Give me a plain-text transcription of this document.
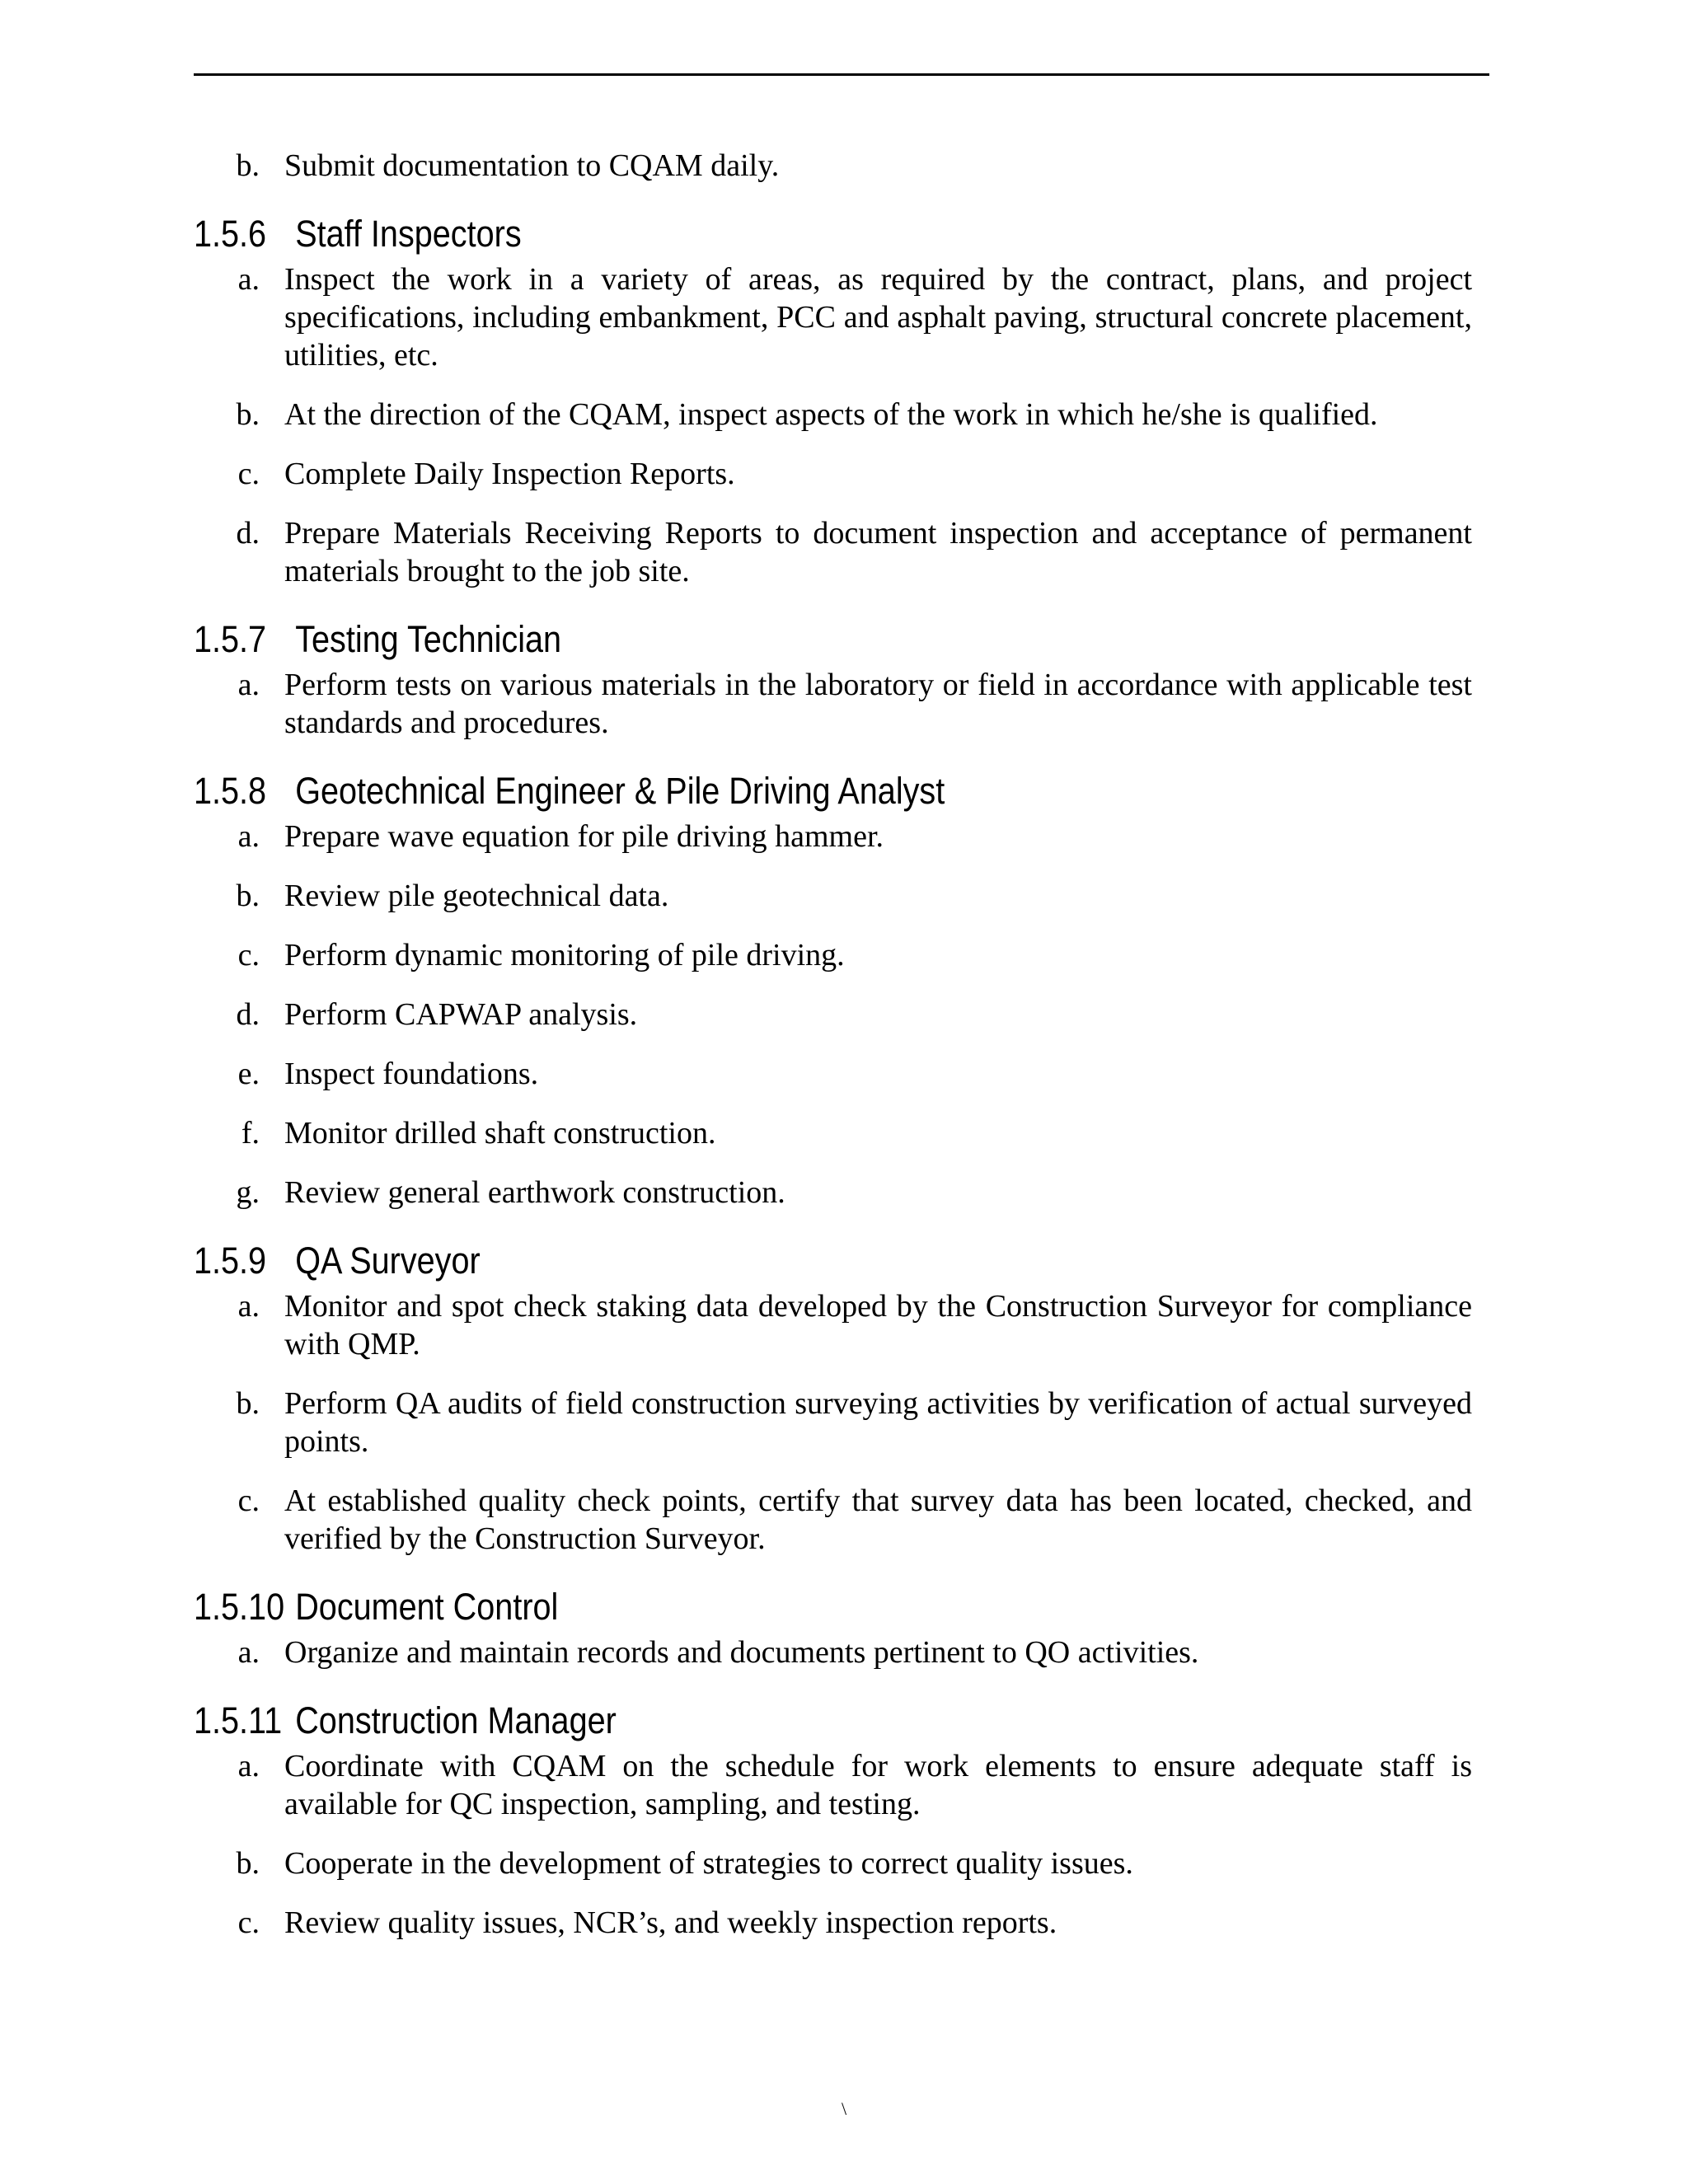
b. Submit documentation to CQAM daily.
1.5.6 Staff Inspectors
a. Inspect the work in a variety of areas, as required by the contract, plans, and project specifications, including embankment, PCC and asphalt paving, structural concrete placement, utilities, etc.
b. At the direction of the CQAM, inspect aspects of the work in which he/she is qualified.
c. Complete Daily Inspection Reports.
d. Prepare Materials Receiving Reports to document inspection and acceptance of permanent materials brought to the job site.
1.5.7 Testing Technician
a. Perform tests on various materials in the laboratory or field in accordance with applicable test standards and procedures.
1.5.8 Geotechnical Engineer & Pile Driving Analyst
a. Prepare wave equation for pile driving hammer.
b. Review pile geotechnical data.
c. Perform dynamic monitoring of pile driving.
d. Perform CAPWAP analysis.
e. Inspect foundations.
f. Monitor drilled shaft construction.
g. Review general earthwork construction.
1.5.9 QA Surveyor
a. Monitor and spot check staking data developed by the Construction Surveyor for compliance with QMP.
b. Perform QA audits of field construction surveying activities by verification of actual surveyed points.
c. At established quality check points, certify that survey data has been located, checked, and verified by the Construction Surveyor.
1.5.10 Document Control
a. Organize and maintain records and documents pertinent to QO activities.
1.5.11 Construction Manager
a. Coordinate with CQAM on the schedule for work elements to ensure adequate staff is available for QC inspection, sampling, and testing.
b. Cooperate in the development of strategies to correct quality issues.
c. Review quality issues, NCR’s, and weekly inspection reports.
\
